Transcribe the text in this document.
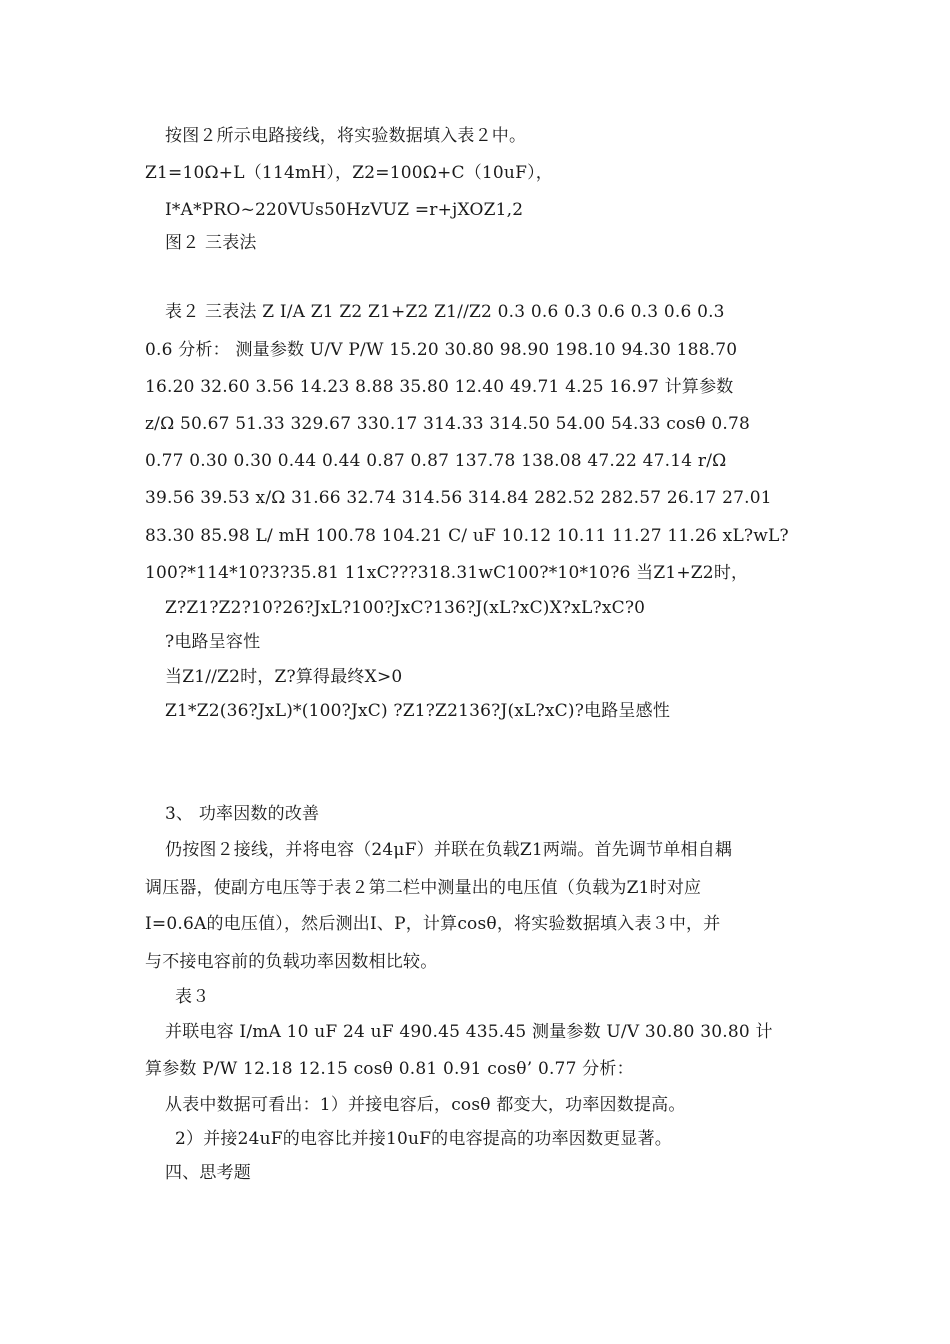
按图２所示电路接线，将实验数据填入表２中。
Z1=10Ω+L（114mH），Z2=100Ω+C（10uF），
I*A*PRO~220VUs50HzVUZ =r+jXOZ1,2
图２ 三表法
表２ 三表法 Z I/A Z1 Z2 Z1+Z2 Z1//Z2 0.3 0.6 0.3 0.6 0.3 0.6 0.3
0.6 分析： 测量参数 U/V P/W 15.20 30.80 98.90 198.10 94.30 188.70
16.20 32.60 3.56 14.23 8.88 35.80 12.40 49.71 4.25 16.97 计算参数
z/Ω 50.67 51.33 329.67 330.17 314.33 314.50 54.00 54.33 cosθ 0.78
0.77 0.30 0.30 0.44 0.44 0.87 0.87 137.78 138.08 47.22 47.14 r/Ω
39.56 39.53 x/Ω 31.66 32.74 314.56 314.84 282.52 282.57 26.17 27.01
83.30 85.98 L/ mH 100.78 104.21 C/ uF 10.12 10.11 11.27 11.26 xL?wL?
100?*114*10?3?35.81 11xC???318.31wC100?*10*10?6 当Z1+Z2时，
Z?Z1?Z2?10?26?JxL?100?JxC?136?J(xL?xC)X?xL?xC?0
?电路呈容性
当Z1//Z2时，Z?算得最终X>0
Z1*Z2(36?JxL)*(100?JxC) ?Z1?Z2136?J(xL?xC)?电路呈感性
3、 功率因数的改善
仍按图２接线，并将电容（24μF）并联在负载Z1两端。首先调节单相自耦
调压器，使副方电压等于表２第二栏中测量出的电压值（负载为Z1时对应
I=0.6A的电压值），然后测出I、P，计算cosθ，将实验数据填入表３中，并
与不接电容前的负载功率因数相比较。
表３
并联电容 I/mA 10 uF 24 uF 490.45 435.45 测量参数 U/V 30.80 30.80 计
算参数 P/W 12.18 12.15 cosθ 0.81 0.91 cosθ’ 0.77 分析：
从表中数据可看出：1）并接电容后，cosθ 都变大，功率因数提高。
2）并接24uF的电容比并接10uF的电容提高的功率因数更显著。
四、思考题
